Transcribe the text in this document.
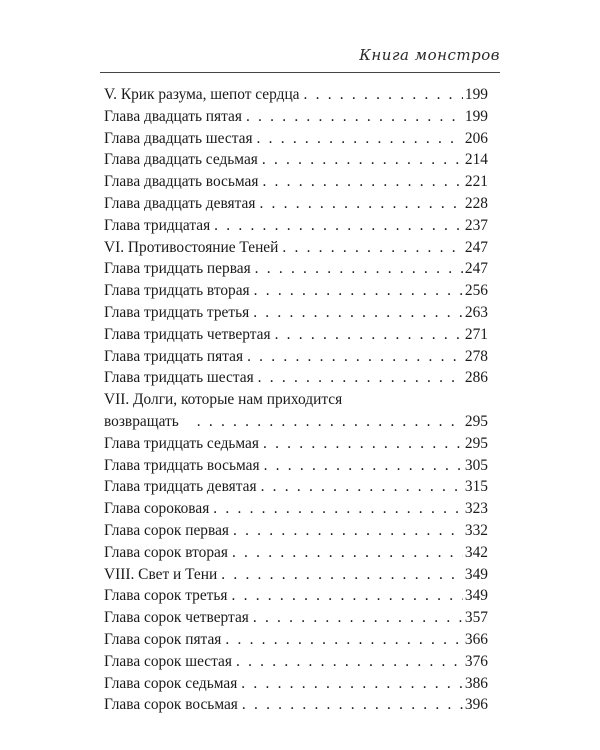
Книга монстров
V. Крик разума, шепот сердца . . .	199
Глава двадцать пятая . . .	199
Глава двадцать шестая . . .	206
Глава двадцать седьмая . . .	214
Глава двадцать восьмая . . .	221
Глава двадцать девятая . . .	228
Глава тридцатая . . .	237
VI. Противостояние Теней . . .	247
Глава тридцать первая . . .	247
Глава тридцать вторая . . .	256
Глава тридцать третья . . .	263
Глава тридцать четвертая . . .	271
Глава тридцать пятая . . .	278
Глава тридцать шестая . . .	286
VII. Долги, которые нам приходится
возвращать . . .	295
Глава тридцать седьмая . . .	295
Глава тридцать восьмая . . .	305
Глава тридцать девятая . . .	315
Глава сороковая . . .	323
Глава сорок первая . . .	332
Глава сорок вторая . . .	342
VIII. Свет и Тени . . .	349
Глава сорок третья . . .	349
Глава сорок четвертая . . .	357
Глава сорок пятая . . .	366
Глава сорок шестая . . .	376
Глава сорок седьмая . . .	386
Глава сорок восьмая . . .	396
